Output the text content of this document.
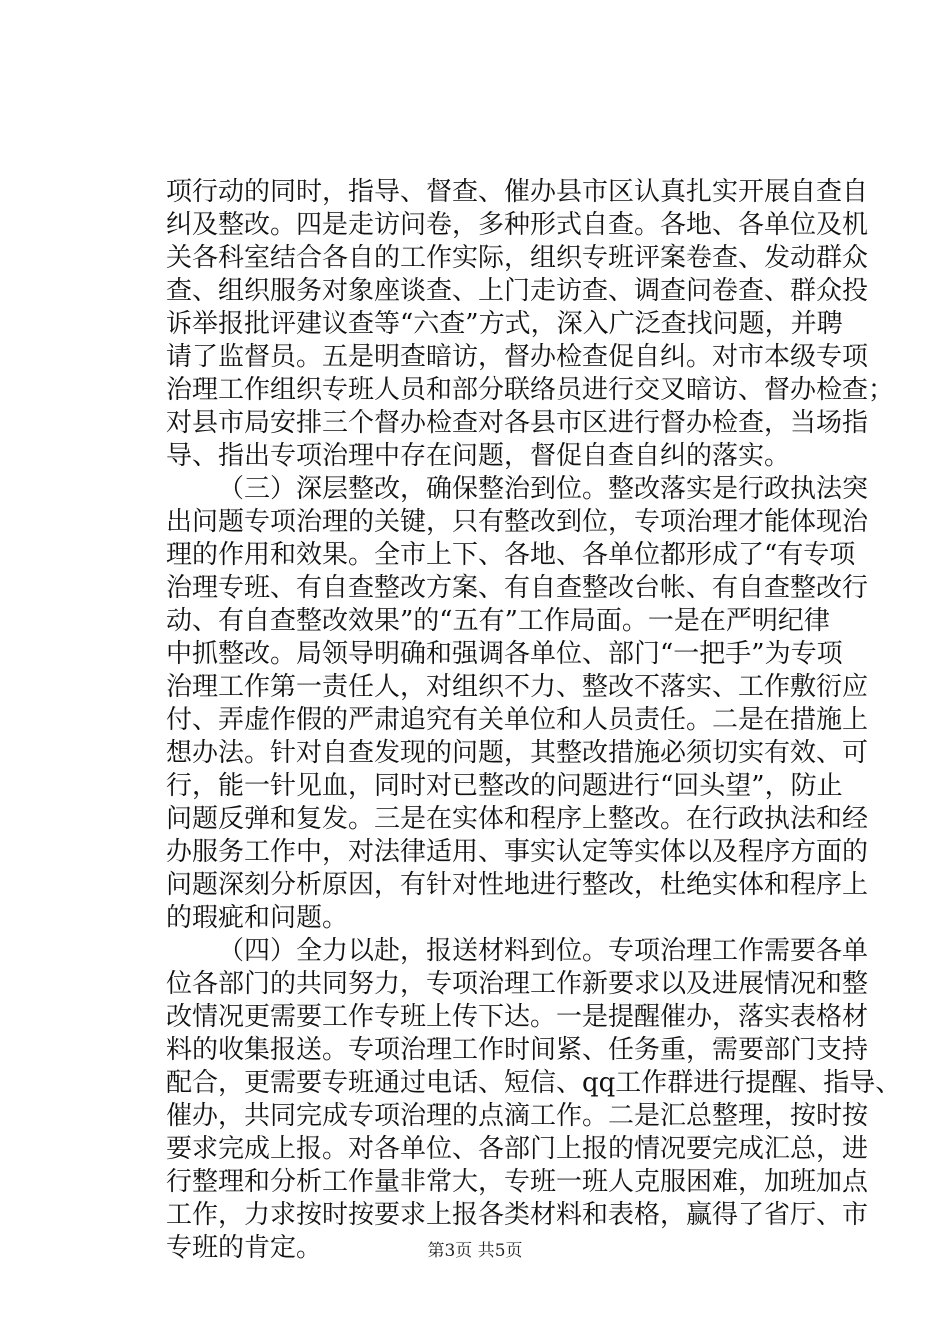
项行动的同时，指导、督查、催办县市区认真扎实开展自查自
纠及整改。四是走访问卷，多种形式自查。各地、各单位及机
关各科室结合各自的工作实际，组织专班评案卷查、发动群众
查、组织服务对象座谈查、上门走访查、调查问卷查、群众投
诉举报批评建议查等“六查”方式，深入广泛查找问题，并聘
请了监督员。五是明查暗访，督办检查促自纠。对市本级专项
治理工作组织专班人员和部分联络员进行交叉暗访、督办检查；
对县市局安排三个督办检查对各县市区进行督办检查，当场指
导、指出专项治理中存在问题，督促自查自纠的落实。
（三）深层整改，确保整治到位。整改落实是行政执法突
出问题专项治理的关键，只有整改到位，专项治理才能体现治
理的作用和效果。全市上下、各地、各单位都形成了“有专项
治理专班、有自查整改方案、有自查整改台帐、有自查整改行
动、有自查整改效果”的“五有”工作局面。一是在严明纪律
中抓整改。局领导明确和强调各单位、部门“一把手”为专项
治理工作第一责任人，对组织不力、整改不落实、工作敷衍应
付、弄虚作假的严肃追究有关单位和人员责任。二是在措施上
想办法。针对自查发现的问题，其整改措施必须切实有效、可
行，能一针见血，同时对已整改的问题进行“回头望”，防止
问题反弹和复发。三是在实体和程序上整改。在行政执法和经
办服务工作中，对法律适用、事实认定等实体以及程序方面的
问题深刻分析原因，有针对性地进行整改，杜绝实体和程序上
的瑕疵和问题。
（四）全力以赴，报送材料到位。专项治理工作需要各单
位各部门的共同努力，专项治理工作新要求以及进展情况和整
改情况更需要工作专班上传下达。一是提醒催办，落实表格材
料的收集报送。专项治理工作时间紧、任务重，需要部门支持
配合，更需要专班通过电话、短信、qq工作群进行提醒、指导、
催办，共同完成专项治理的点滴工作。二是汇总整理，按时按
要求完成上报。对各单位、各部门上报的情况要完成汇总，进
行整理和分析工作量非常大，专班一班人克服困难，加班加点
工作，力求按时按要求上报各类材料和表格，赢得了省厅、市
专班的肯定。	第3页 共5页
